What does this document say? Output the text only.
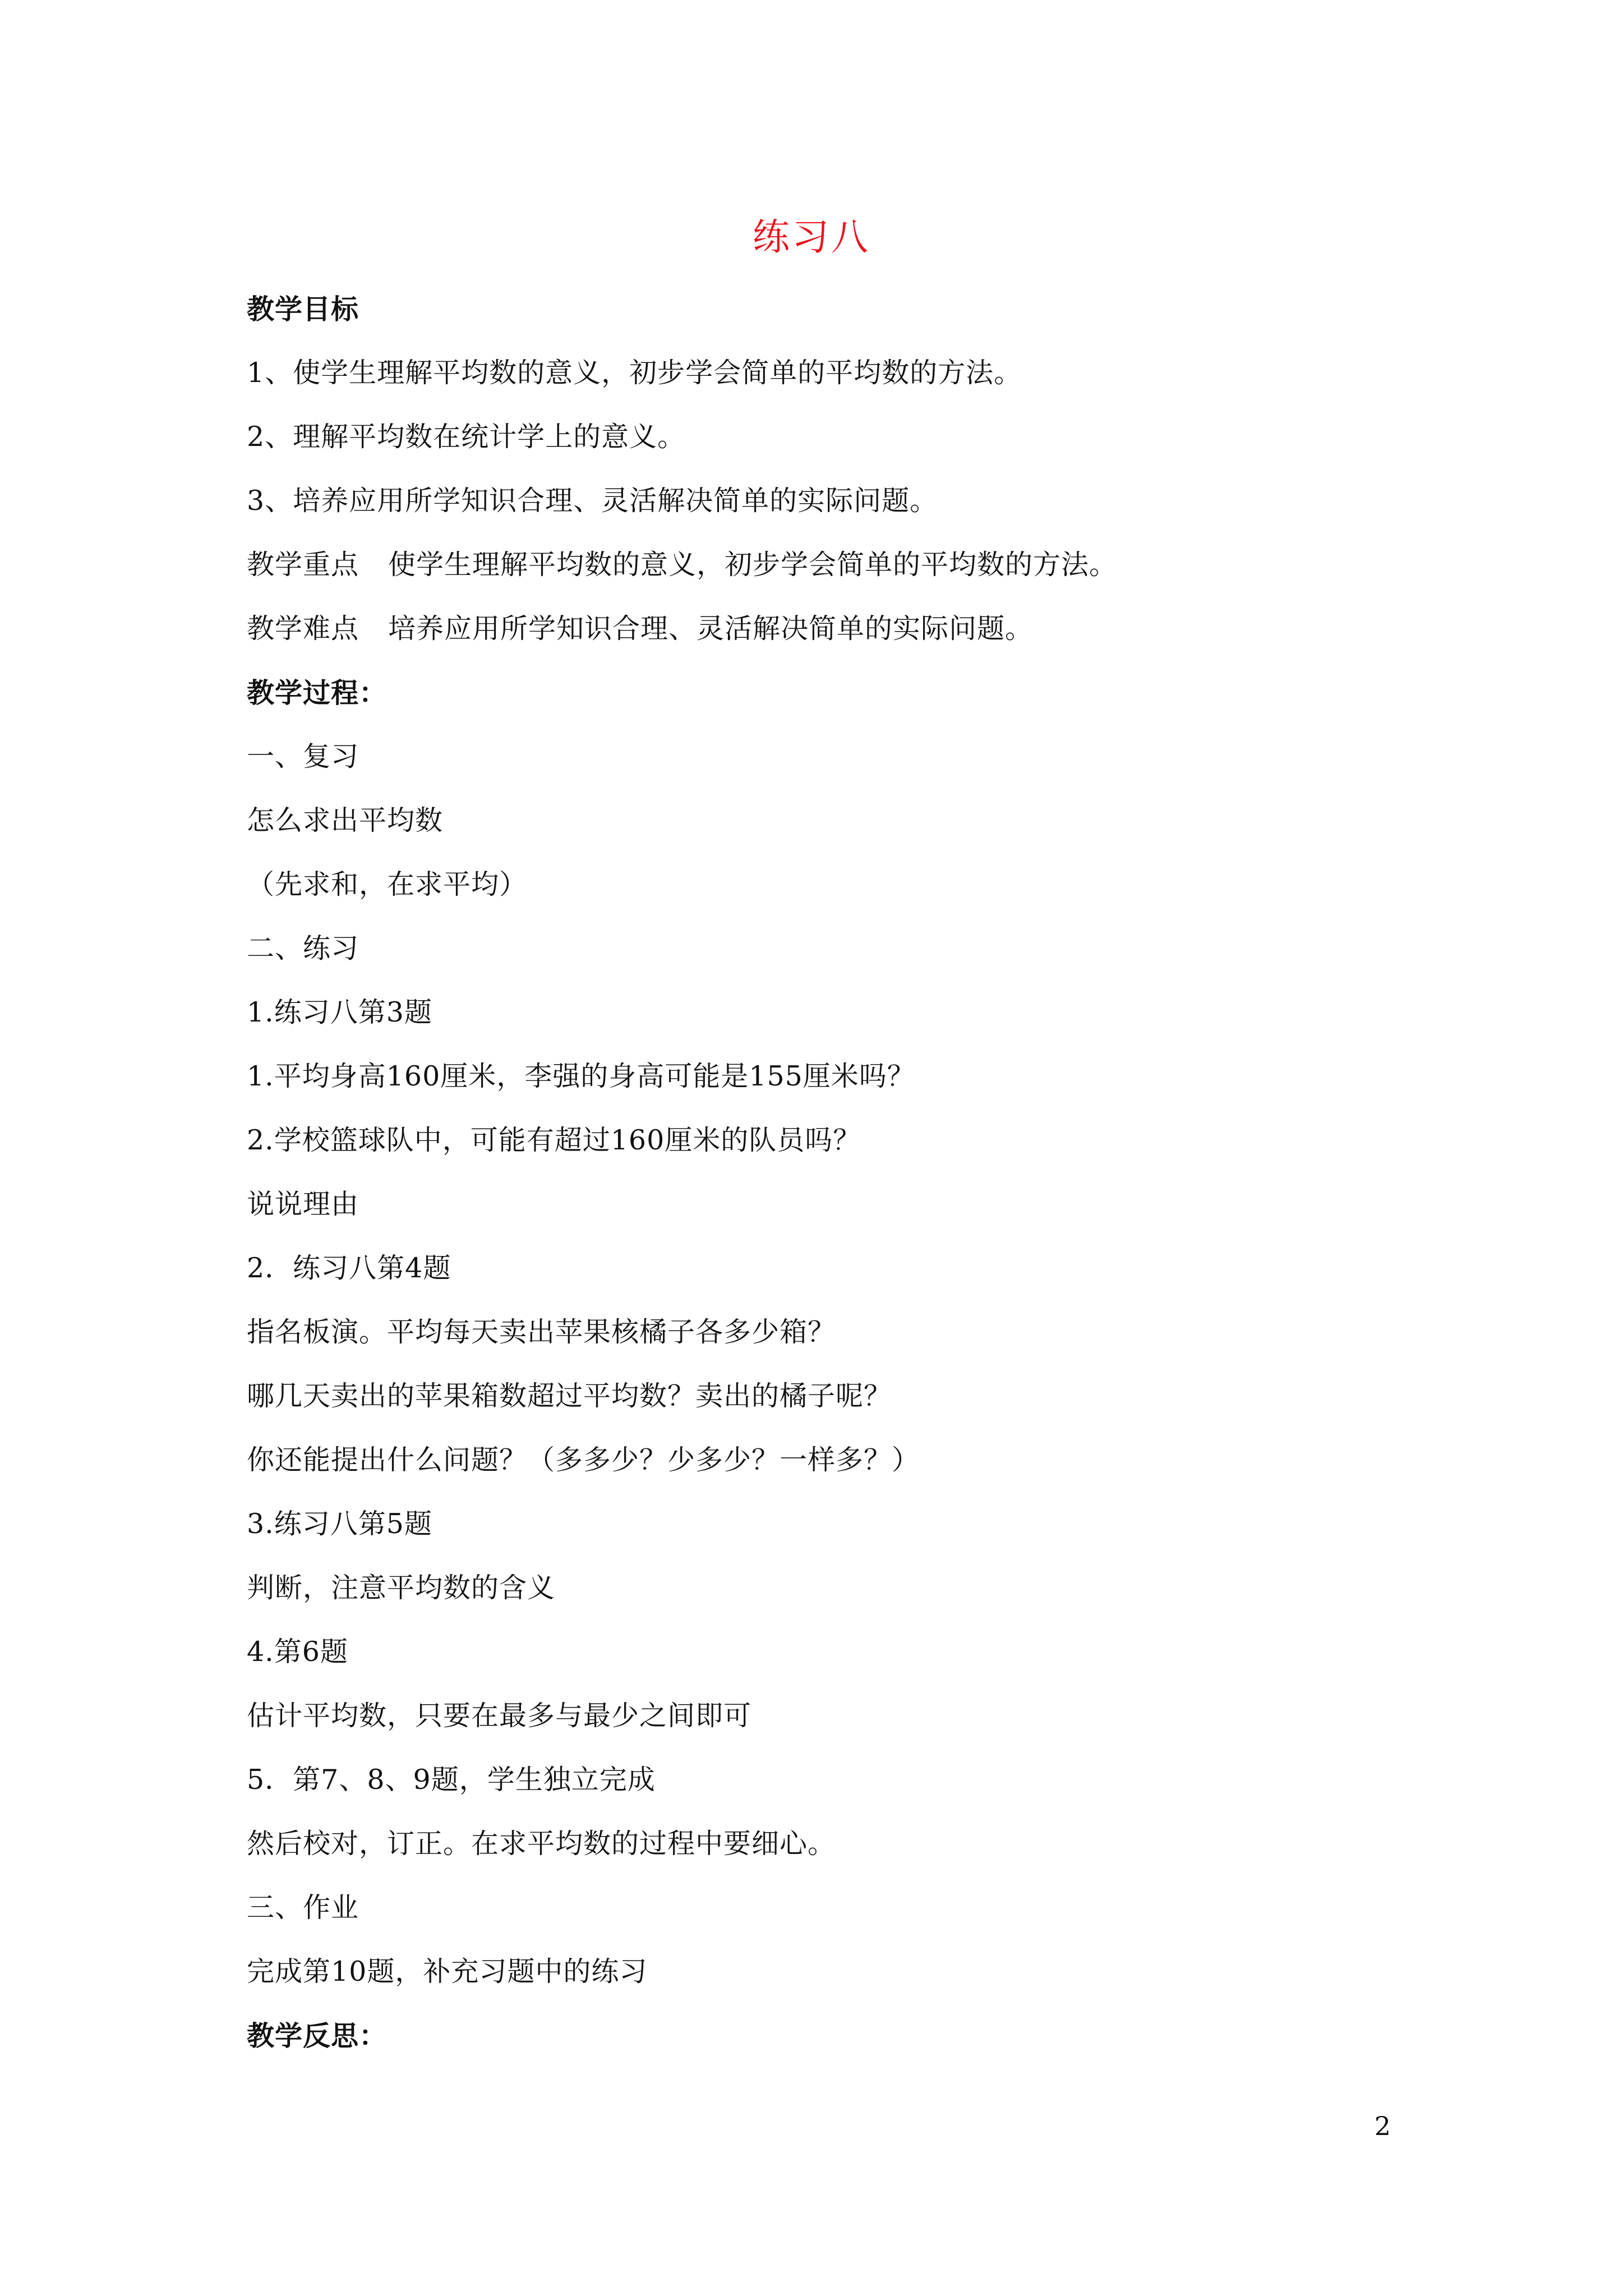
练习八
教学目标
1、使学生理解平均数的意义，初步学会简单的平均数的方法。
2、理解平均数在统计学上的意义。
3、培养应用所学知识合理、灵活解决简单的实际问题。
教学重点 使学生理解平均数的意义，初步学会简单的平均数的方法。
教学难点 培养应用所学知识合理、灵活解决简单的实际问题。
教学过程：
一、复习
怎么求出平均数
（先求和，在求平均）
二、练习
1.练习八第3题
1.平均身高160厘米，李强的身高可能是155厘米吗？
2.学校篮球队中，可能有超过160厘米的队员吗？
说说理由
2．练习八第4题
指名板演。平均每天卖出苹果核橘子各多少箱？
哪几天卖出的苹果箱数超过平均数？卖出的橘子呢？
你还能提出什么问题？（多多少？少多少？一样多？）
3.练习八第5题
判断，注意平均数的含义
4.第6题
估计平均数，只要在最多与最少之间即可
5．第7、8、9题，学生独立完成
然后校对，订正。在求平均数的过程中要细心。
三、作业
完成第10题，补充习题中的练习
教学反思：
2
